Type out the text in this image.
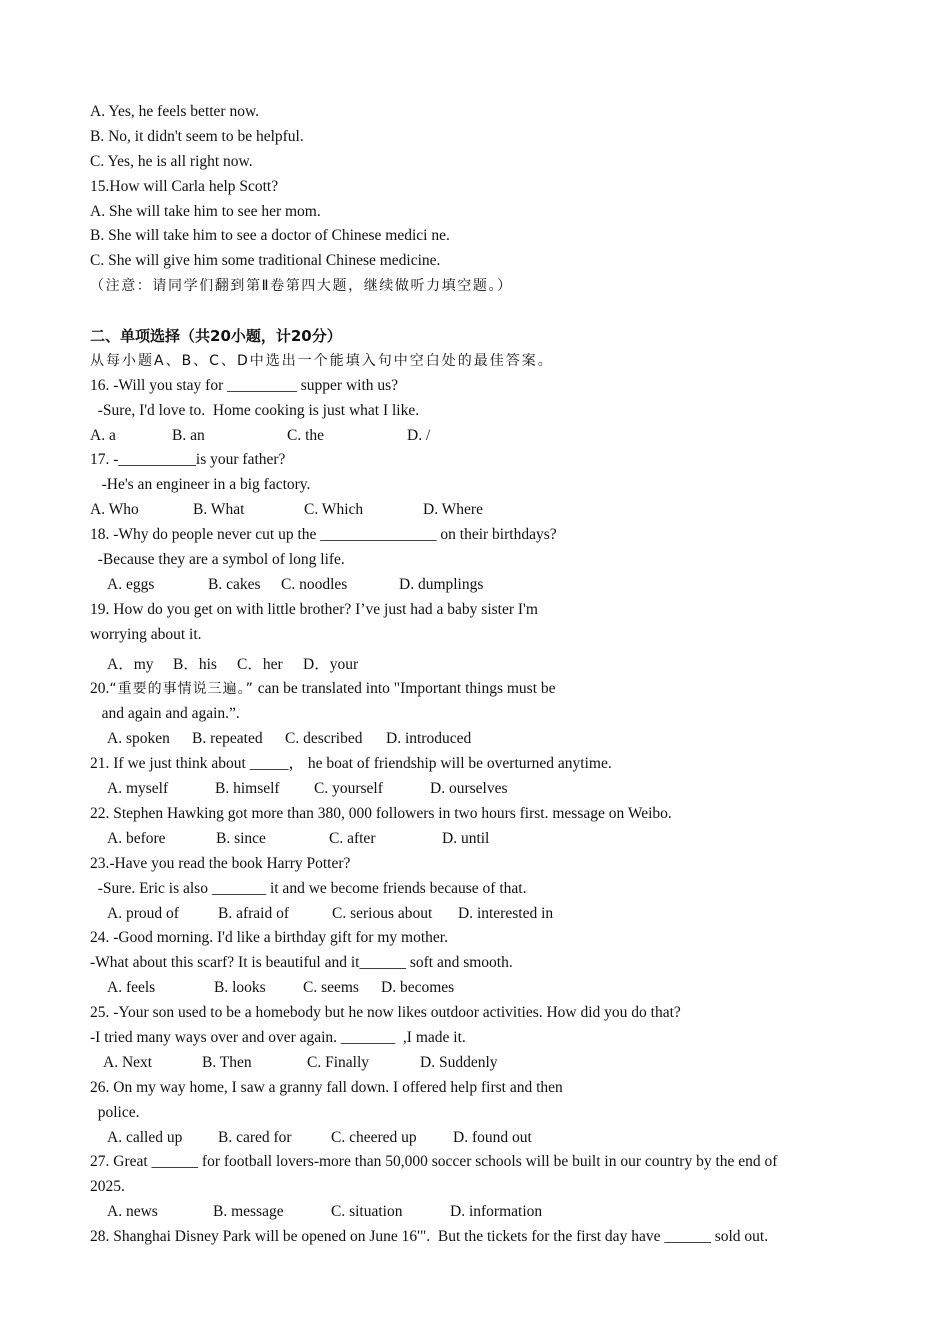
A. Yes, he feels better now.
B. No, it didn't seem to be helpful.
C. Yes, he is all right now.
15.How will Carla help Scott?
A. She will take him to see her mom.
B. She will take him to see a doctor of Chinese medici ne.
C. She will give him some traditional Chinese medicine.
（注意：请同学们翻到第Ⅱ卷第四大题，继续做听力填空题。）
二、单项选择（共20小题，计20分）
从每小题A、B、C、D中选出一个能填入句中空白处的最佳答案。
16. -Will you stay for _________ supper with us?
-Sure, I'd love to.  Home cooking is just what I like.
A. a	B. an	C. the	D. /
17. -__________is your father?
-He's an engineer in a big factory.
A. Who	B. What	C. Which	D. Where
18. -Why do people never cut up the _______________ on their birthdays?
-Because they are a symbol of long life.
A. eggs	B. cakes	C. noodles	D. dumplings
19. How do you get on with little brother? I’ve just had a baby sister I'm
worrying about it.
A．my	B．his	C．her	D．your
20.“重要的事情说三遍。” can be translated into "Important things must be
and again and again.”.
A. spoken	B. repeated	C. described	D. introduced
21. If we just think about _____， he boat of friendship will be overturned anytime.
A. myself	B. himself	C. yourself	D. ourselves
22. Stephen Hawking got more than 380, 000 followers in two hours first. message on Weibo.
A. before	B. since	C. after	D. until
23.-Have you read the book Harry Potter?
-Sure. Eric is also _______ it and we become friends because of that.
A. proud of	B. afraid of	C. serious about	D. interested in
24. -Good morning. I'd like a birthday gift for my mother.
-What about this scarf? It is beautiful and it______ soft and smooth.
A. feels	B. looks	C. seems	D. becomes
25. -Your son used to be a homebody but he now likes outdoor activities. How did you do that?
-I tried many ways over and over again. _______  ,I made it.
A. Next	B. Then	C. Finally	D. Suddenly
26. On my way home, I saw a granny fall down. I offered help first and then
police.
A. called up	B. cared for	C. cheered up	D. found out
27. Great ______ for football lovers-more than 50,000 soccer schools will be built in our country by the end of
2025.
A. news	B. message	C. situation	D. information
28. Shanghai Disney Park will be opened on June 16'".  But the tickets for the first day have ______ sold out.
